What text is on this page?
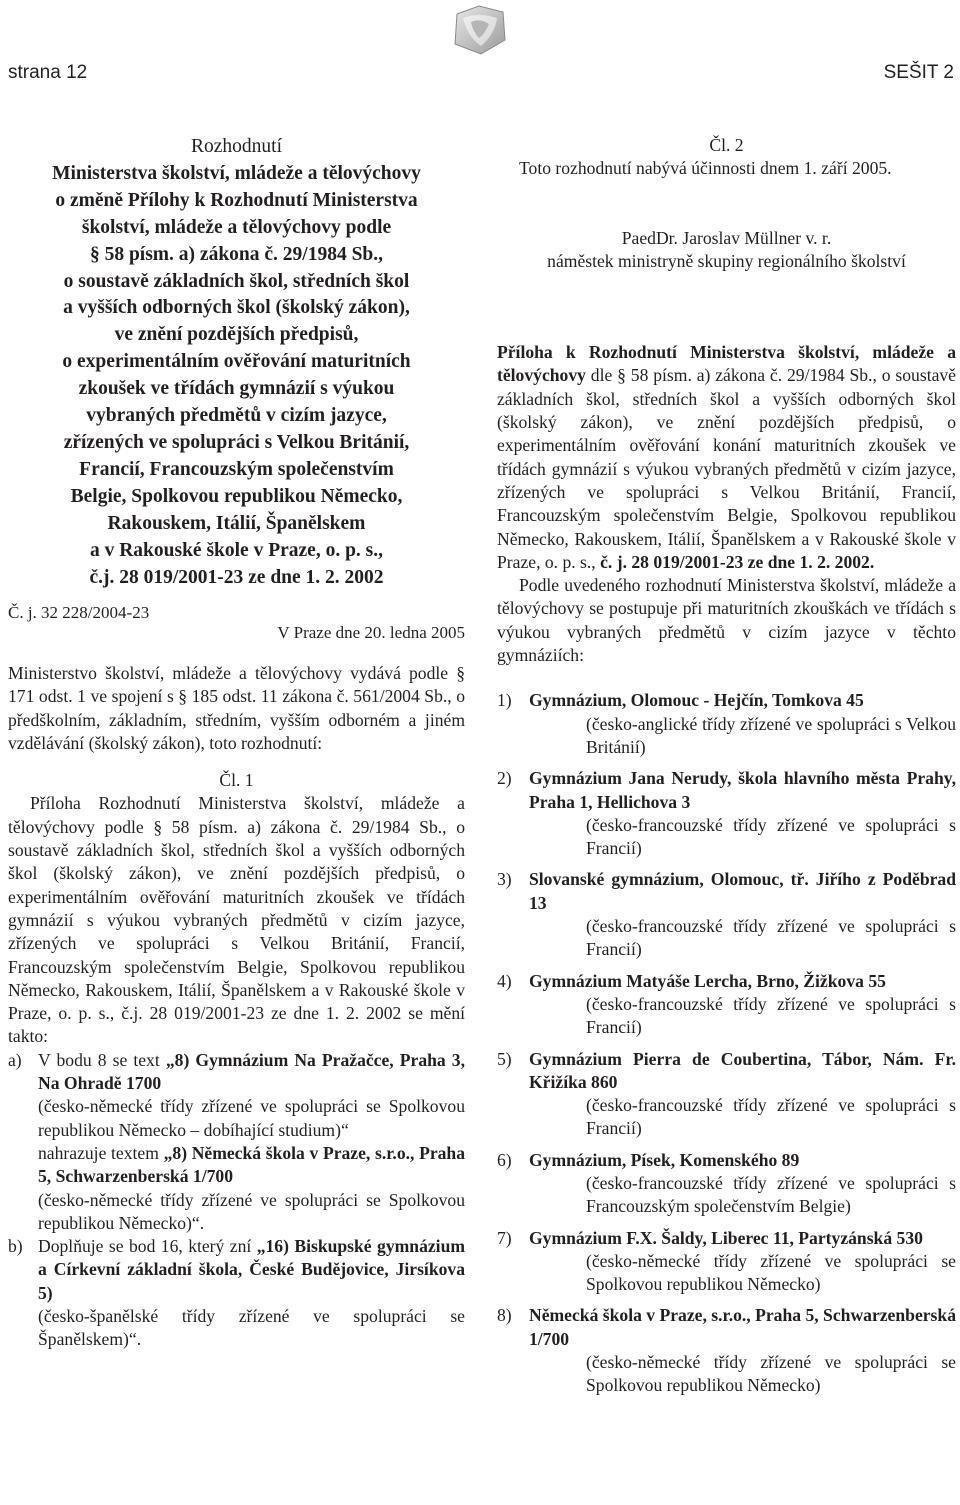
strana 12	SEŠIT 2
Rozhodnutí
Ministerstva školství, mládeže a tělovýchovy
o změně Přílohy k Rozhodnutí Ministerstva
školství, mládeže a tělovýchovy podle
§ 58 písm. a) zákona č. 29/1984 Sb.,
o soustavě základních škol, středních škol
a vyšších odborných škol (školský zákon),
ve znění pozdějších předpisů,
o experimentálním ověřování maturitních
zkoušek ve třídách gymnázií s výukou
vybraných předmětů v cizím jazyce,
zřízených ve spolupráci s Velkou Británií,
Francií, Francouzským společenstvím
Belgie, Spolkovou republikou Německo,
Rakouskem, Itálií, Španělskem
a v Rakouské škole v Praze, o. p. s.,
č.j. 28 019/2001-23 ze dne 1. 2. 2002
Č. j. 32 228/2004-23
V Praze dne 20. ledna 2005

Ministerstvo školství, mládeže a tělovýchovy vydává podle § 171 odst. 1 ve spojení s § 185 odst. 11 zákona č. 561/2004 Sb., o předškolním, základním, středním, vyšším odborném a jiném vzdělávání (školský zákon), toto rozhodnutí:

Čl. 1

Příloha Rozhodnutí Ministerstva školství, mládeže a tělovýchovy podle § 58 písm. a) zákona č. 29/1984 Sb., o soustavě základních škol, středních škol a vyšších odborných škol (školský zákon), ve znění pozdějších předpisů, o experimentálním ověřování maturitních zkoušek ve třídách gymnázií s výukou vybraných předmětů v cizím jazyce, zřízených ve spolupráci s Velkou Británií, Francií, Francouzským společenstvím Belgie, Spolkovou republikou Německo, Rakouskem, Itálií, Španělskem a v Rakouské škole v Praze, o. p. s., č.j. 28 019/2001-23 ze dne 1. 2. 2002 se mění takto:

a) V bodu 8 se text „8) Gymnázium Na Pražačce, Praha 3, Na Ohradě 1700
(česko-německé třídy zřízené ve spolupráci se Spolkovou republikou Německo – dobíhající studium)“
nahrazuje textem „8) Německá škola v Praze, s.r.o., Praha 5, Schwarzenberská 1/700
(česko-německé třídy zřízené ve spolupráci se Spolkovou republikou Německo)“.
b) Doplňuje se bod 16, který zní „16) Biskupské gymnázium a Církevní základní škola, České Budějovice, Jirsíkova 5)
(česko-španělské třídy zřízené ve spolupráci se Španělskem)“.
Čl. 2

Toto rozhodnutí nabývá účinnosti dnem 1. září 2005.

PaedDr. Jaroslav Müllner v. r.
náměstek ministryně skupiny regionálního školství

Příloha k Rozhodnutí Ministerstva školství, mládeže a tělovýchovy dle § 58 písm. a) zákona č. 29/1984 Sb., o soustavě základních škol, středních škol a vyšších odborných škol (školský zákon), ve znění pozdějších předpisů, o experimentálním ověřování konání maturitních zkoušek ve třídách gymnázií s výukou vybraných předmětů v cizím jazyce, zřízených ve spolupráci s Velkou Británií, Francií, Francouzským společenstvím Belgie, Spolkovou republikou Německo, Rakouskem, Itálií, Španělskem a v Rakouské škole v Praze, o. p. s., č. j. 28 019/2001-23 ze dne 1. 2. 2002.

Podle uvedeného rozhodnutí Ministerstva školství, mládeže a tělovýchovy se postupuje při maturitních zkouškách ve třídách s výukou vybraných předmětů v cizím jazyce v těchto gymnáziích:

1) Gymnázium, Olomouc - Hejčín, Tomkova 45
(česko-anglické třídy zřízené ve spolupráci s Velkou Británií)
2) Gymnázium Jana Nerudy, škola hlavního města Prahy, Praha 1, Hellichova 3
(česko-francouzské třídy zřízené ve spolupráci s Francií)
3) Slovanské gymnázium, Olomouc, tř. Jiřího z Poděbrad 13
(česko-francouzské třídy zřízené ve spolupráci s Francií)
4) Gymnázium Matyáše Lercha, Brno, Žižkova 55
(česko-francouzské třídy zřízené ve spolupráci s Francií)
5) Gymnázium Pierra de Coubertina, Tábor, Nám. Fr. Křižíka 860
(česko-francouzské třídy zřízené ve spolupráci s Francií)
6) Gymnázium, Písek, Komenského 89
(česko-francouzské třídy zřízené ve spolupráci s Francouzským společenstvím Belgie)
7) Gymnázium F.X. Šaldy, Liberec 11, Partyzánská 530
(česko-německé třídy zřízené ve spolupráci se Spolkovou republikou Německo)
8) Německá škola v Praze, s.r.o., Praha 5, Schwarzenberská 1/700
(česko-německé třídy zřízené ve spolupráci se Spolkovou republikou Německo)
